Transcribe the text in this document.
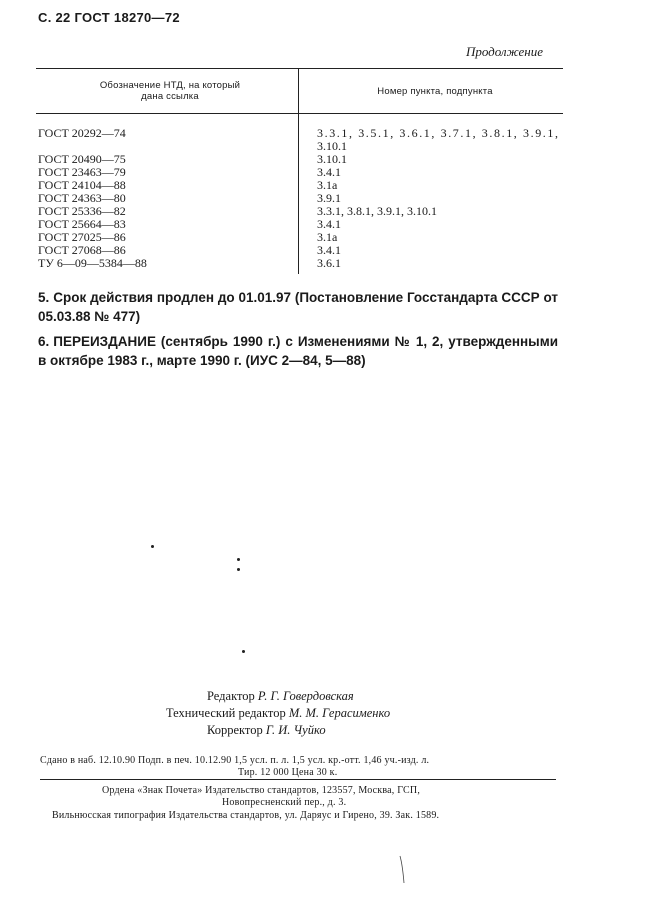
С. 22 ГОСТ 18270—72
Продолжение
Обозначение НТД, на который
дана ссылка	Номер пункта, подпункта
ГОСТ 20292—74	3.3.1, 3.5.1, 3.6.1, 3.7.1, 3.8.1, 3.9.1,
3.10.1
ГОСТ 20490—75	3.10.1
ГОСТ 23463—79	3.4.1
ГОСТ 24104—88	3.1а
ГОСТ 24363—80	3.9.1
ГОСТ 25336—82	3.3.1, 3.8.1, 3.9.1, 3.10.1
ГОСТ 25664—83	3.4.1
ГОСТ 27025—86	3.1а
ГОСТ 27068—86	3.4.1
ТУ 6—09—5384—88	3.6.1
5. Срок действия продлен до 01.01.97 (Постановление Госстандарта СССР от 05.03.88 № 477)
6. ПЕРЕИЗДАНИЕ (сентябрь 1990 г.) с Изменениями № 1, 2, утвержденными в октябре 1983 г., марте 1990 г. (ИУС 2—84, 5—88)
Редактор Р. Г. Говердовская
Технический редактор М. М. Герасименко
Корректор Г. И. Чуйко
Сдано в наб. 12.10.90 Подп. в печ. 10.12.90 1,5 усл. п. л. 1,5 усл. кр.-отт. 1,46 уч.-изд. л.
Тир. 12 000 Цена 30 к.
Ордена «Знак Почета» Издательство стандартов, 123557, Москва, ГСП,
Новопресненский пер., д. 3.
Вильнюсская типография Издательства стандартов, ул. Даряус и Гирено, 39. Зак. 1589.
